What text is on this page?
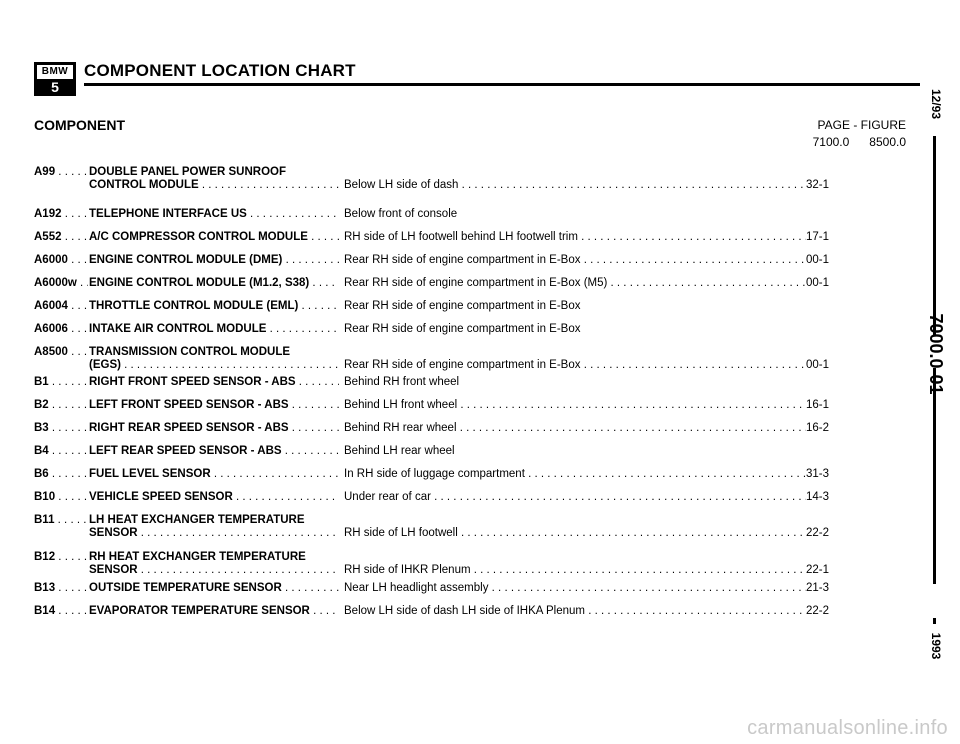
BMW
5
COMPONENT LOCATION CHART
COMPONENT	PAGE - FIGURE
7100.0 8500.0
A99 . . .	DOUBLE PANEL POWER SUNROOF
CONTROL MODULE . . .	Below LH side of dash . . .	32-1
A192 . . .	TELEPHONE INTERFACE US . . .	Below front of console
A552 . . .	A/C COMPRESSOR CONTROL MODULE . . .	RH side of LH footwell behind LH footwell trim . . .	17-1
A6000 . . .	ENGINE CONTROL MODULE (DME) . . .	Rear RH side of engine compartment in E-Box . . .	00-1
A6000w . . .	ENGINE CONTROL MODULE (M1.2, S38) . . .	Rear RH side of engine compartment in E-Box (M5) . . .	00-1
A6004 . . .	THROTTLE CONTROL MODULE (EML) . . .	Rear RH side of engine compartment in E-Box
A6006 . . .	INTAKE AIR CONTROL MODULE . . .	Rear RH side of engine compartment in E-Box
A8500 . . .	TRANSMISSION CONTROL MODULE
(EGS) . . .	Rear RH side of engine compartment in E-Box . . .	00-1
B1 . . .	RIGHT FRONT SPEED SENSOR - ABS . . .	Behind RH front wheel
B2 . . .	LEFT FRONT SPEED SENSOR - ABS . . .	Behind LH front wheel . . .	16-1
B3 . . .	RIGHT REAR SPEED SENSOR - ABS . . .	Behind RH rear wheel . . .	16-2
B4 . . .	LEFT REAR SPEED SENSOR - ABS . . .	Behind LH rear wheel
B6 . . .	FUEL LEVEL SENSOR . . .	In RH side of luggage compartment . . .	31-3
B10 . . .	VEHICLE SPEED SENSOR . . .	Under rear of car . . .	14-3
B11 . . .	LH HEAT EXCHANGER TEMPERATURE
SENSOR . . .	RH side of LH footwell . . .	22-2
B12 . . .	RH HEAT EXCHANGER TEMPERATURE
SENSOR . . .	RH side of IHKR Plenum . . .	22-1
B13 . . .	OUTSIDE TEMPERATURE SENSOR . . .	Near LH headlight assembly . . .	21-3
B14 . . .	EVAPORATOR TEMPERATURE SENSOR . . .	Below LH side of dash LH side of IHKA Plenum . . .	22-2
12/93
7000.0-01
1993
carmanualsonline.info
